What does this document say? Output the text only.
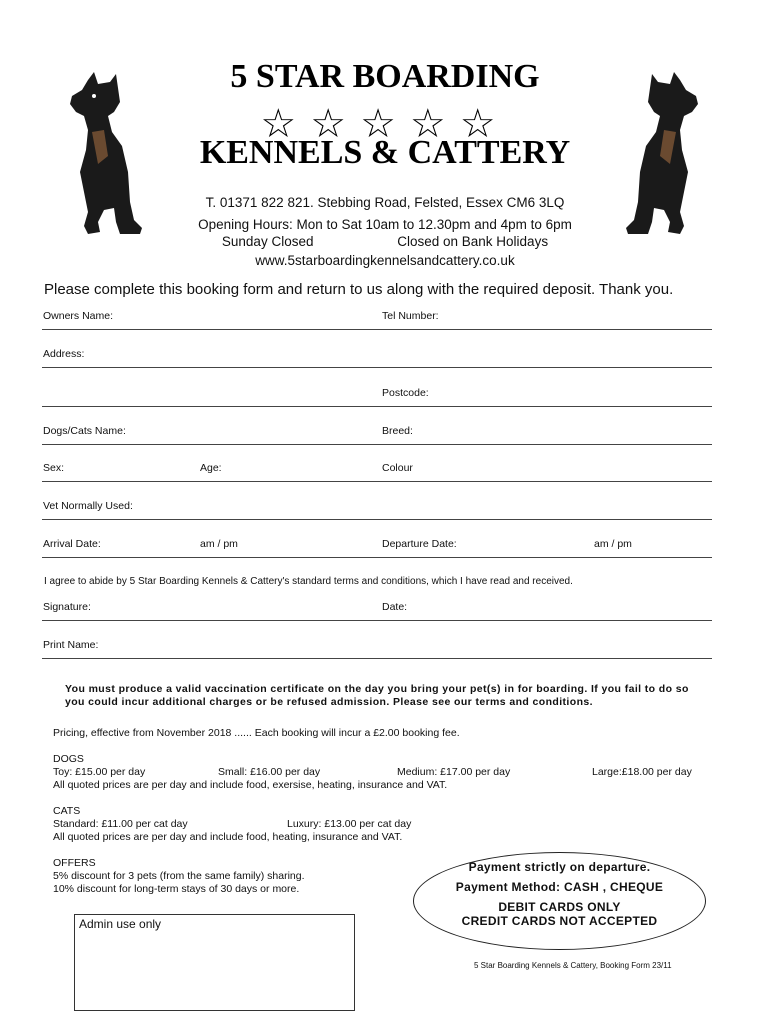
5 STAR BOARDING
☆☆☆☆☆
KENNELS & CATTERY
T. 01371 822 821. Stebbing Road, Felsted, Essex CM6 3LQ
Opening Hours: Mon to Sat 10am to 12.30pm and 4pm to 6pm
Sunday Closed	Closed on Bank Holidays
www.5starboardingkennelsandcattery.co.uk
Please complete this booking form and return to us along with the required deposit. Thank you.
Owners Name:	Tel Number:
Address:
Postcode:
Dogs/Cats Name:	Breed:
Sex:	Age:	Colour
Vet Normally Used:
Arrival Date:	am / pm	Departure Date:	am / pm
I agree to abide by 5 Star Boarding Kennels & Cattery's standard terms and conditions, which I have read and received.
Signature:	Date:
Print Name:
You must produce a valid vaccination certificate on the day you bring your pet(s) in for boarding. If you fail to do so
you could incur additional charges or be refused admission. Please see our terms and conditions.
Pricing, effective from November 2018 ...... Each booking will incur a £2.00 booking fee.
DOGS
Toy: £15.00 per day	Small: £16.00 per day	Medium: £17.00 per day	Large:£18.00 per day
All quoted prices are per day and include food, exersise, heating, insurance and VAT.
CATS
Standard: £11.00 per cat day	Luxury: £13.00 per cat day
All quoted prices are per day and include food, heating, insurance and VAT.
OFFERS
5% discount for 3 pets (from the same family) sharing.
10% discount for long-term stays of 30 days or more.
Admin use only
Payment strictly on departure.
Payment Method: CASH , CHEQUE
DEBIT CARDS ONLY
CREDIT CARDS NOT ACCEPTED
5 Star Boarding Kennels & Cattery, Booking Form 23/11
